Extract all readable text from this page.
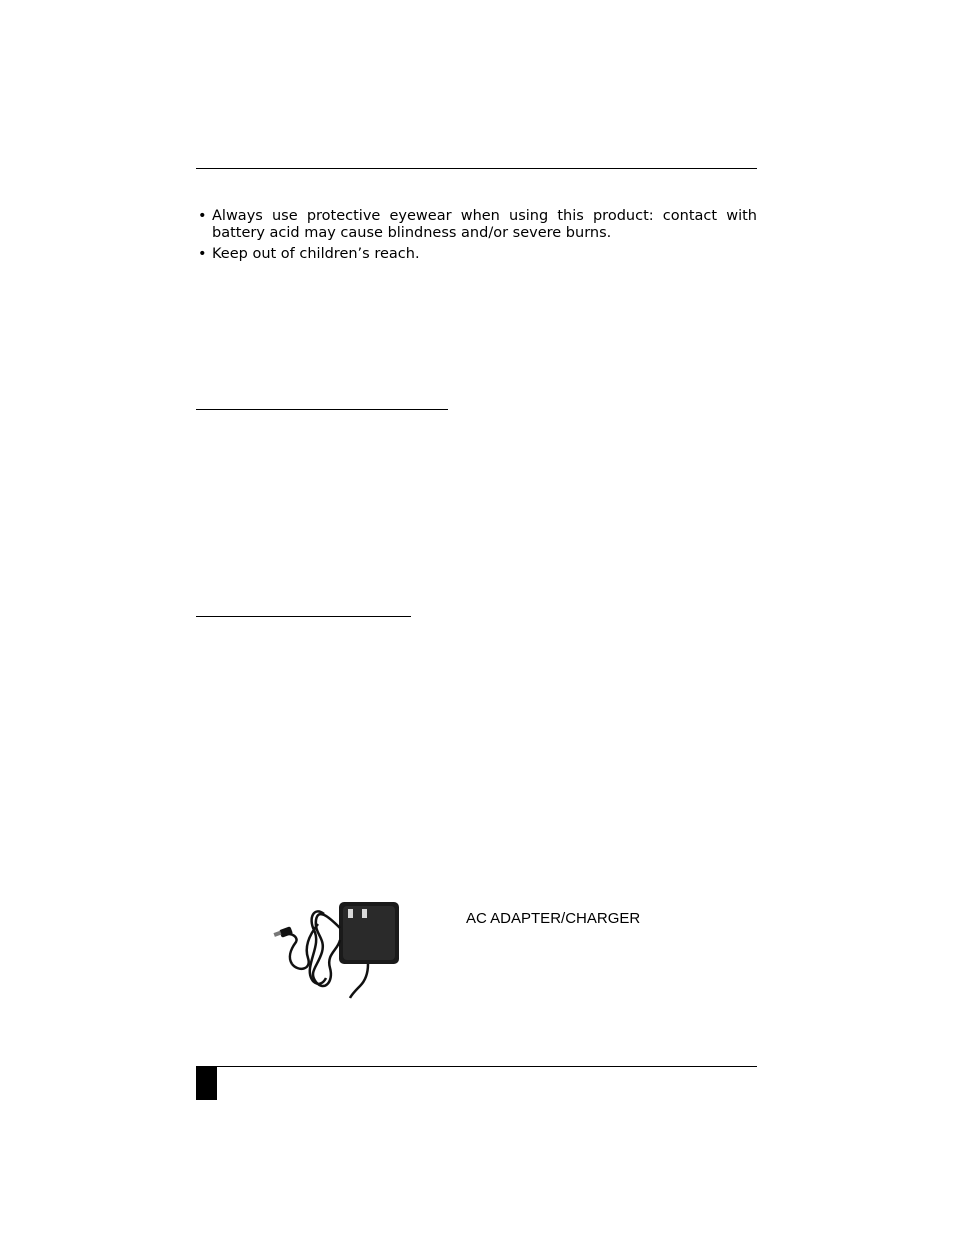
• Always use protective eyewear when using this product: contact with battery acid may cause blindness and/or severe burns.
• Keep out of children’s reach.
AC ADAPTER/CHARGER
